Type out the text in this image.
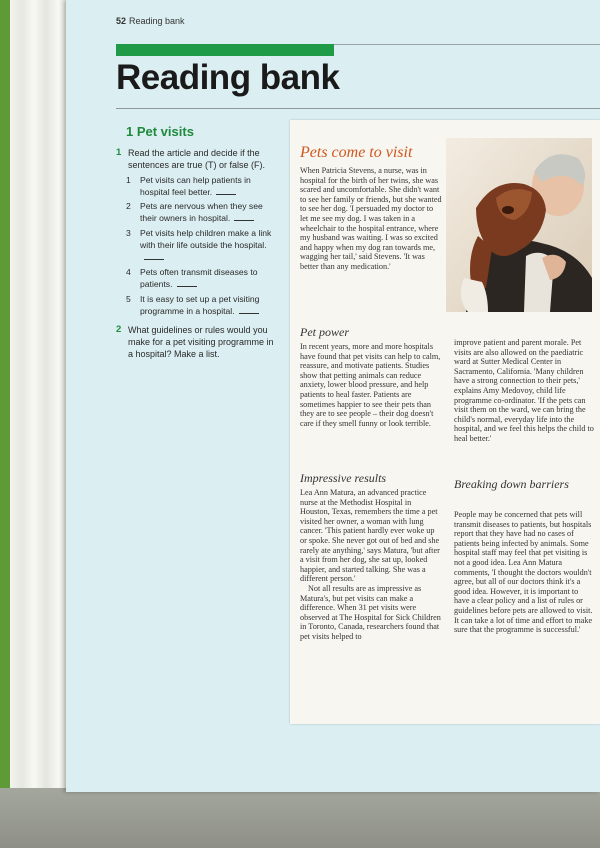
52 Reading bank
Reading bank
1 Pet visits
1 Read the article and decide if the sentences are true (T) or false (F).
1 Pet visits can help patients in hospital feel better.
2 Pets are nervous when they see their owners in hospital.
3 Pet visits help children make a link with their life outside the hospital.
4 Pets often transmit diseases to patients.
5 It is easy to set up a pet visiting programme in a hospital.
2 What guidelines or rules would you make for a pet visiting programme in a hospital? Make a list.
Pets come to visit
When Patricia Stevens, a nurse, was in hospital for the birth of her twins, she was scared and uncomfortable. She didn't want to see her family or friends, but she wanted to see her dog. 'I persuaded my doctor to let me see my dog. I was taken in a wheelchair to the hospital entrance, where my husband was waiting. I was so excited and happy when my dog ran towards me, wagging her tail,' said Stevens. 'It was better than any medication.'
Pet power
In recent years, more and more hospitals have found that pet visits can help to calm, reassure, and motivate patients. Studies show that petting animals can reduce anxiety, lower blood pressure, and help patients to heal faster. Patients are sometimes happier to see their pets than they are to see people – their dog doesn't care if they smell funny or look terrible.
Impressive results

Lea Ann Matura, an advanced practice nurse at the Methodist Hospital in Houston, Texas, remembers the time a pet visited her owner, a woman with lung cancer. 'This patient hardly ever woke up or spoke. She never got out of bed and she rarely ate anything,' says Matura, 'but after a visit from her dog, she sat up, looked happier, and started talking. She was a different person.'

Not all results are as impressive as Matura's, but pet visits can make a difference. When 31 pet visits were observed at The Hospital for Sick Children in Toronto, Canada, researchers found that pet visits helped to

improve patient and parent morale. Pet visits are also allowed on the paediatric ward at Sutter Medical Center in Sacramento, California. 'Many children have a strong connection to their pets,' explains Amy Medovoy, child life programme co-ordinator. 'If the pets can visit them on the ward, we can bring the child's normal, everyday life into the hospital, and we feel this helps the child to heal better.'
Breaking down barriers
People may be concerned that pets will transmit diseases to patients, but hospitals report that they have had no cases of patients being infected by animals. Some hospital staff may feel that pet visiting is not a good idea. Lea Ann Matura comments, 'I thought the doctors wouldn't agree, but all of our doctors think it's a good idea. However, it is important to have a clear policy and a list of rules or guidelines before pets are allowed to visit. It can take a lot of time and effort to make sure that the programme is successful.'
